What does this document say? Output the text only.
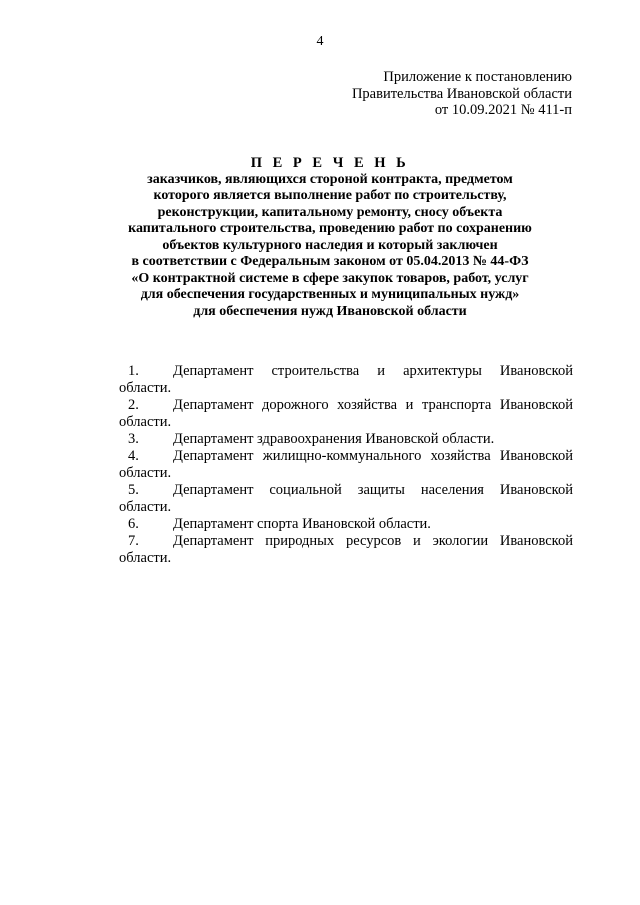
4
Приложение к постановлению
Правительства Ивановской области
от 10.09.2021 № 411-п
П Е Р Е Ч Е Н Ь
заказчиков, являющихся стороной контракта, предметом
которого является выполнение работ по строительству,
реконструкции, капитальному ремонту, сносу объекта
капитального строительства, проведению работ по сохранению
объектов культурного наследия и который заключен
в соответствии с Федеральным законом от 05.04.2013 № 44-ФЗ
«О контрактной системе в сфере закупок товаров, работ, услуг
для обеспечения государственных и муниципальных нужд»
для обеспечения нужд Ивановской области
1.	Департамент строительства и архитектуры Ивановской
области.
2.	Департамент дорожного хозяйства и транспорта Ивановской
области.
3.	Департамент здравоохранения Ивановской области.
4.	Департамент жилищно-коммунального хозяйства Ивановской
области.
5.	Департамент социальной защиты населения Ивановской
области.
6.	Департамент спорта Ивановской области.
7.	Департамент природных ресурсов и экологии Ивановской
области.
